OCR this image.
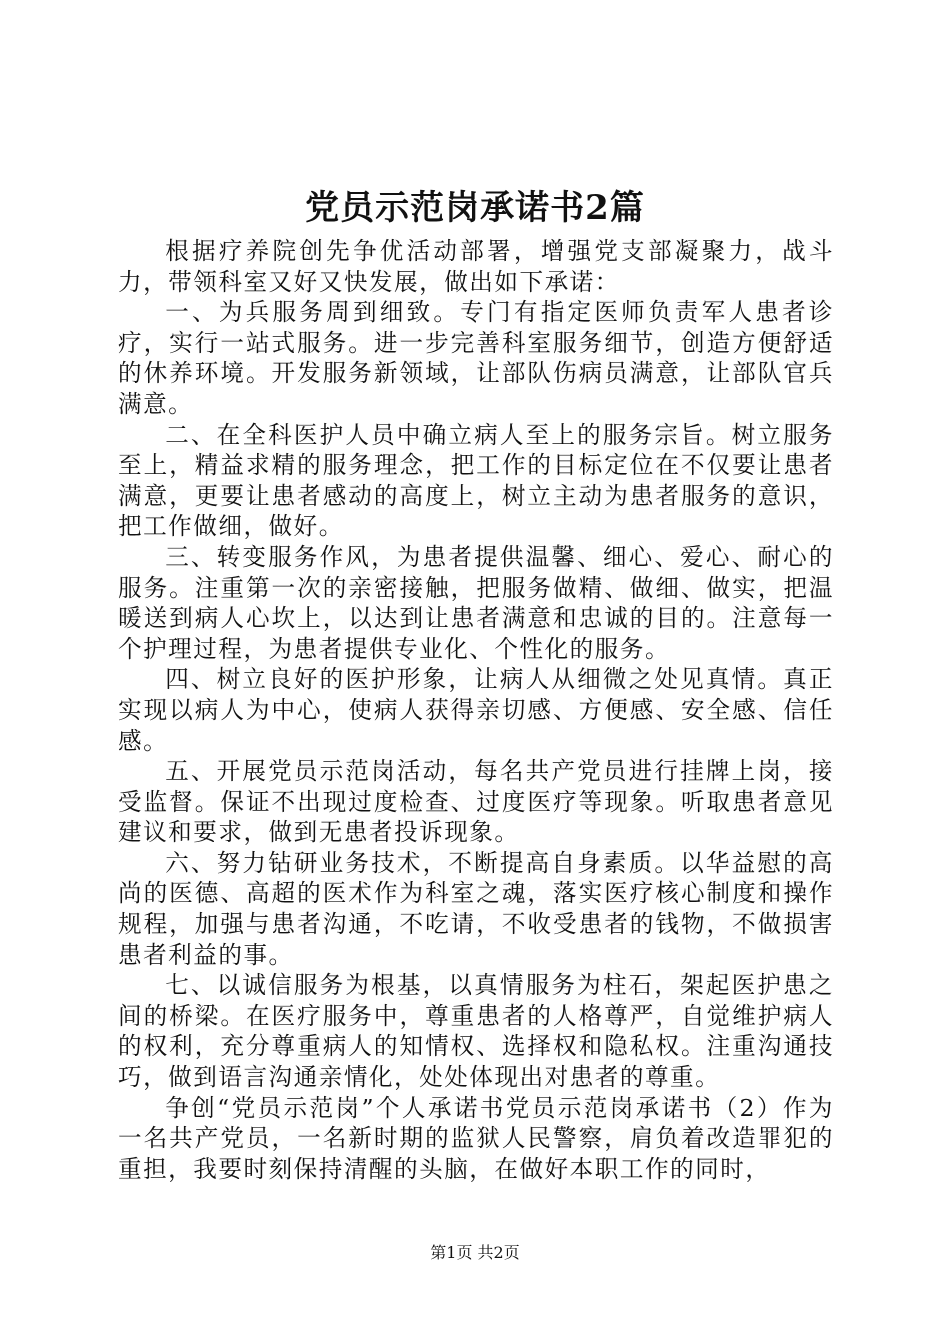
党员示范岗承诺书2篇

根据疗养院创先争优活动部署，增强党支部凝聚力，战斗力，带领科室又好又快发展，做出如下承诺：

一、为兵服务周到细致。专门有指定医师负责军人患者诊疗，实行一站式服务。进一步完善科室服务细节，创造方便舒适的休养环境。开发服务新领域，让部队伤病员满意，让部队官兵满意。

二、在全科医护人员中确立病人至上的服务宗旨。树立服务至上，精益求精的服务理念，把工作的目标定位在不仅要让患者满意，更要让患者感动的高度上，树立主动为患者服务的意识，把工作做细，做好。

三、转变服务作风，为患者提供温馨、细心、爱心、耐心的服务。注重第一次的亲密接触，把服务做精、做细、做实，把温暖送到病人心坎上，以达到让患者满意和忠诚的目的。注意每一个护理过程，为患者提供专业化、个性化的服务。

四、树立良好的医护形象，让病人从细微之处见真情。真正实现以病人为中心，使病人获得亲切感、方便感、安全感、信任感。

五、开展党员示范岗活动，每名共产党员进行挂牌上岗，接受监督。保证不出现过度检查、过度医疗等现象。听取患者意见建议和要求，做到无患者投诉现象。

六、努力钻研业务技术，不断提高自身素质。以华益慰的高尚的医德、高超的医术作为科室之魂，落实医疗核心制度和操作规程，加强与患者沟通，不吃请，不收受患者的钱物，不做损害患者利益的事。

七、以诚信服务为根基，以真情服务为柱石，架起医护患之间的桥梁。在医疗服务中，尊重患者的人格尊严，自觉维护病人的权利，充分尊重病人的知情权、选择权和隐私权。注重沟通技巧，做到语言沟通亲情化，处处体现出对患者的尊重。

争创“党员示范岗”个人承诺书党员示范岗承诺书（2）作为一名共产党员，一名新时期的监狱人民警察，肩负着改造罪犯的重担，我要时刻保持清醒的头脑，在做好本职工作的同时，

第1页 共2页
